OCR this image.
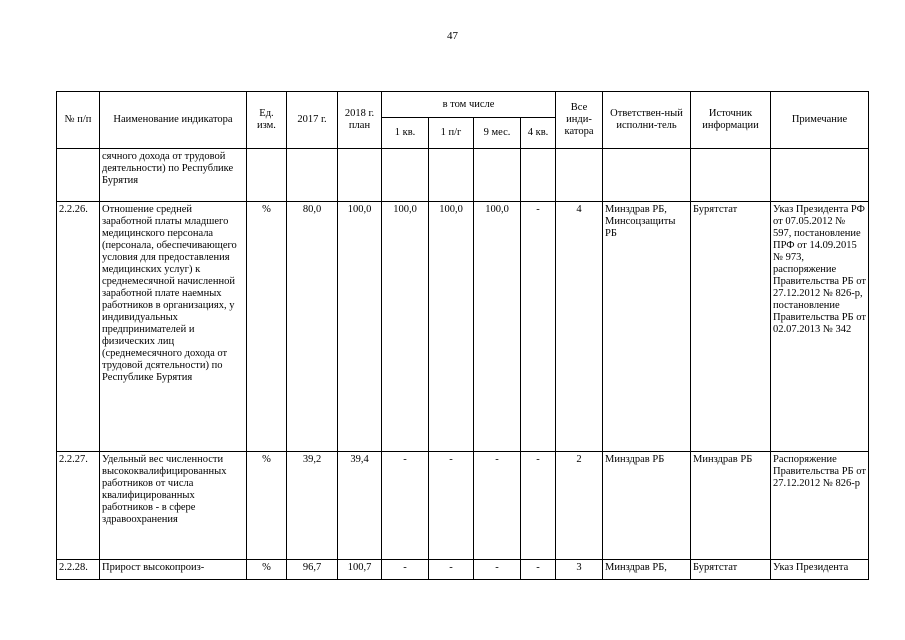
47
№ п/п	Наименование индикатора	Ед. изм.	2017 г.	2018 г. план	в том числе				Все инди-катора	Ответствен-ный исполни-тель	Источник информации	Примечание
					1 кв.	1 п/г	9 мес.	4 кв.				
	сячного дохода от трудовой деятельности) по Республике Бурятия											
2.2.26.	Отношение средней заработной платы младшего медицинского персонала (персонала, обеспечивающего условия для предоставления медицинских услуг) к среднемесячной начисленной заработной плате наемных работников в организациях, у индивидуальных предпринимателей и физических лиц (среднемесячного дохода от трудовой дсятельности) по Республике Бурятия	%	80,0	100,0	100,0	100,0	100,0	-	4	Минздрав РБ, Минсоцзащиты РБ	Бурятстат	Указ Президента РФ от 07.05.2012 № 597, постановление ПРФ от 14.09.2015 № 973, распоряжение Правительства РБ от 27.12.2012 № 826-р, постановление Правительства РБ от 02.07.2013 № 342
2.2.27.	Удельный вес численности высококвалифицированных работников от числа квалифицированных работников - в сфере здравоохранения	%	39,2	39,4	-	-	-	-	2	Минздрав РБ	Минздрав РБ	Распоряжение Правительства РБ от 27.12.2012 № 826-р
2.2.28.	Прирост высокопроиз-	%	96,7	100,7	-	-	-	-	3	Минздрав РБ,	Бурятстат	Указ Президента
